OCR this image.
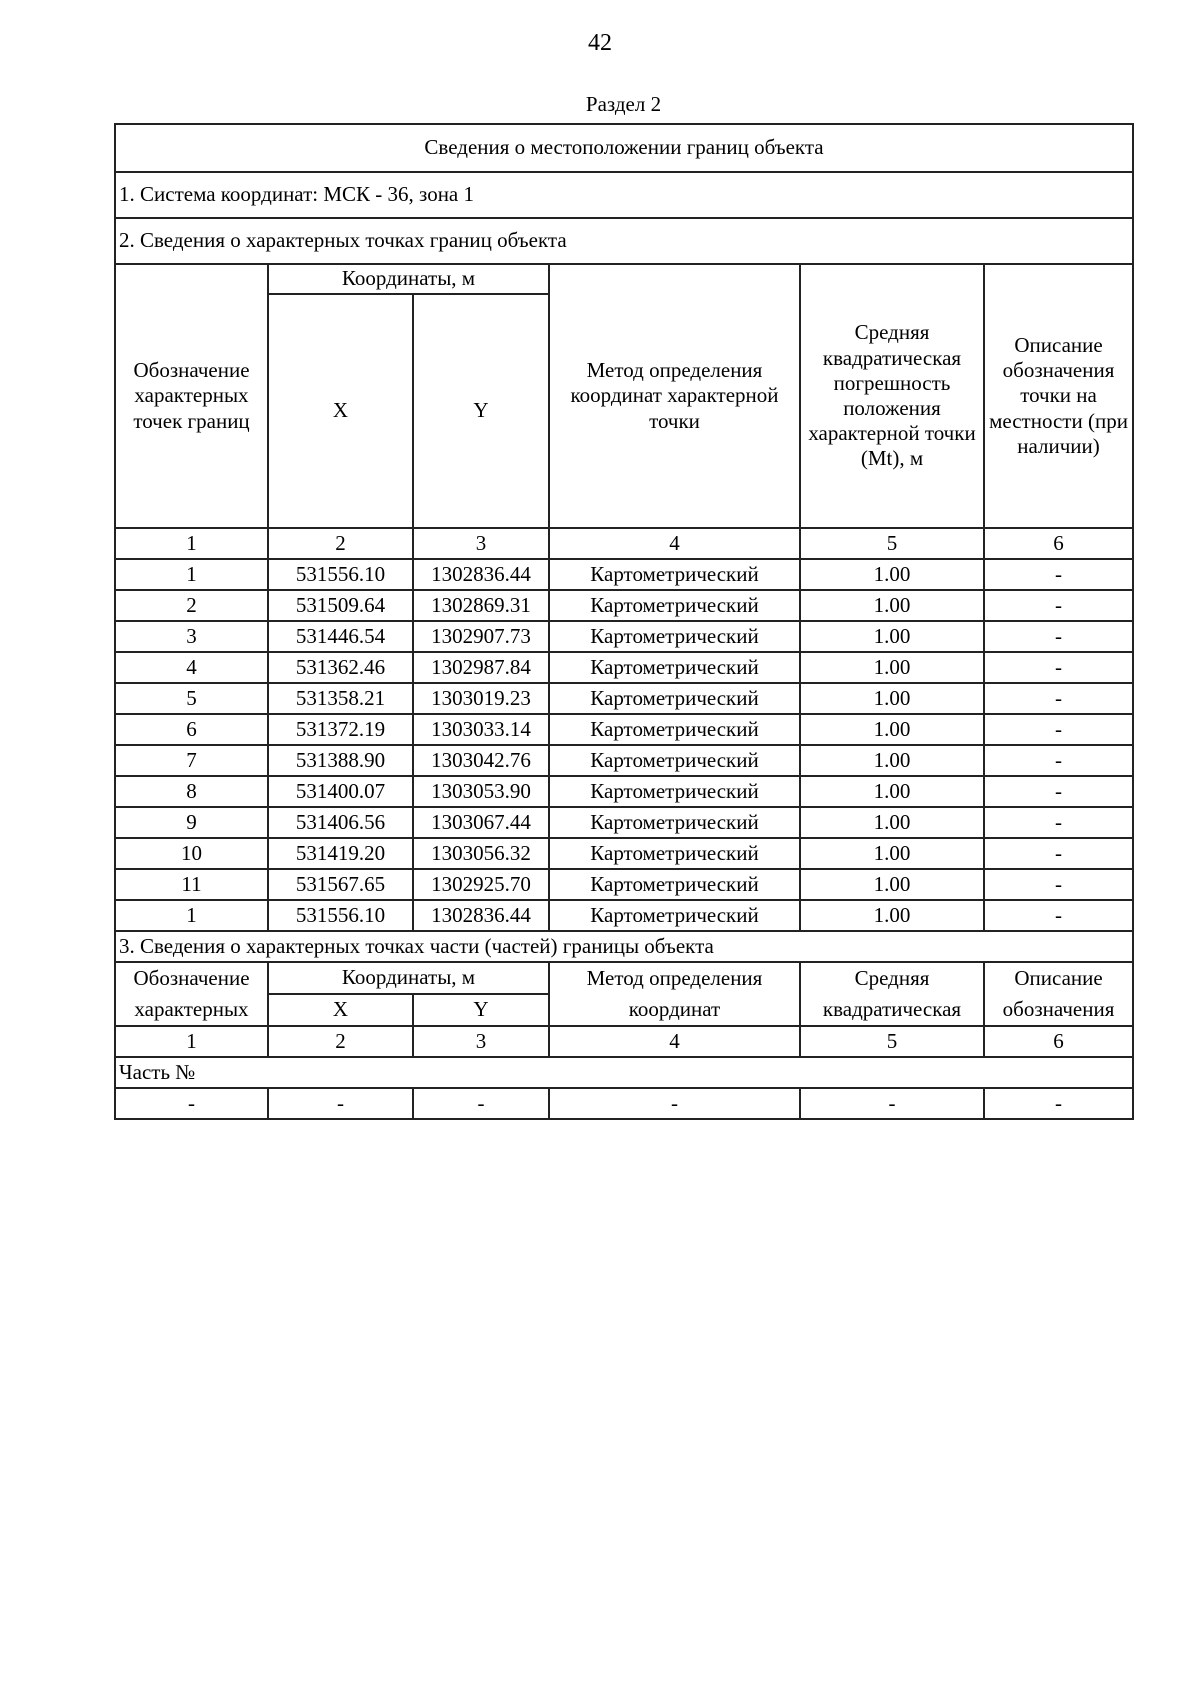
42
Раздел 2
Сведения о местоположении границ объекта					
1. Система координат: МСК - 36, зона 1					
2. Сведения о характерных точках границ объекта					
Обозначение характерных точек границ	Координаты, м		Метод определения координат характерной точки	Средняя квадратическая погрешность положения характерной точки (Mt), м	Описание обозначения точки на местности (при наличии)
	X	Y			
1	2	3	4	5	6
1	531556.10	1302836.44	Картометрический	1.00	-
2	531509.64	1302869.31	Картометрический	1.00	-
3	531446.54	1302907.73	Картометрический	1.00	-
4	531362.46	1302987.84	Картометрический	1.00	-
5	531358.21	1303019.23	Картометрический	1.00	-
6	531372.19	1303033.14	Картометрический	1.00	-
7	531388.90	1303042.76	Картометрический	1.00	-
8	531400.07	1303053.90	Картометрический	1.00	-
9	531406.56	1303067.44	Картометрический	1.00	-
10	531419.20	1303056.32	Картометрический	1.00	-
11	531567.65	1302925.70	Картометрический	1.00	-
1	531556.10	1302836.44	Картометрический	1.00	-
3. Сведения о характерных точках части (частей) границы объекта					
Обозначение характерных	Координаты, м		Метод определения координат	Средняя квадратическая	Описание обозначения
	X	Y			
1	2	3	4	5	6
Часть №					
-	-	-	-	-	-
